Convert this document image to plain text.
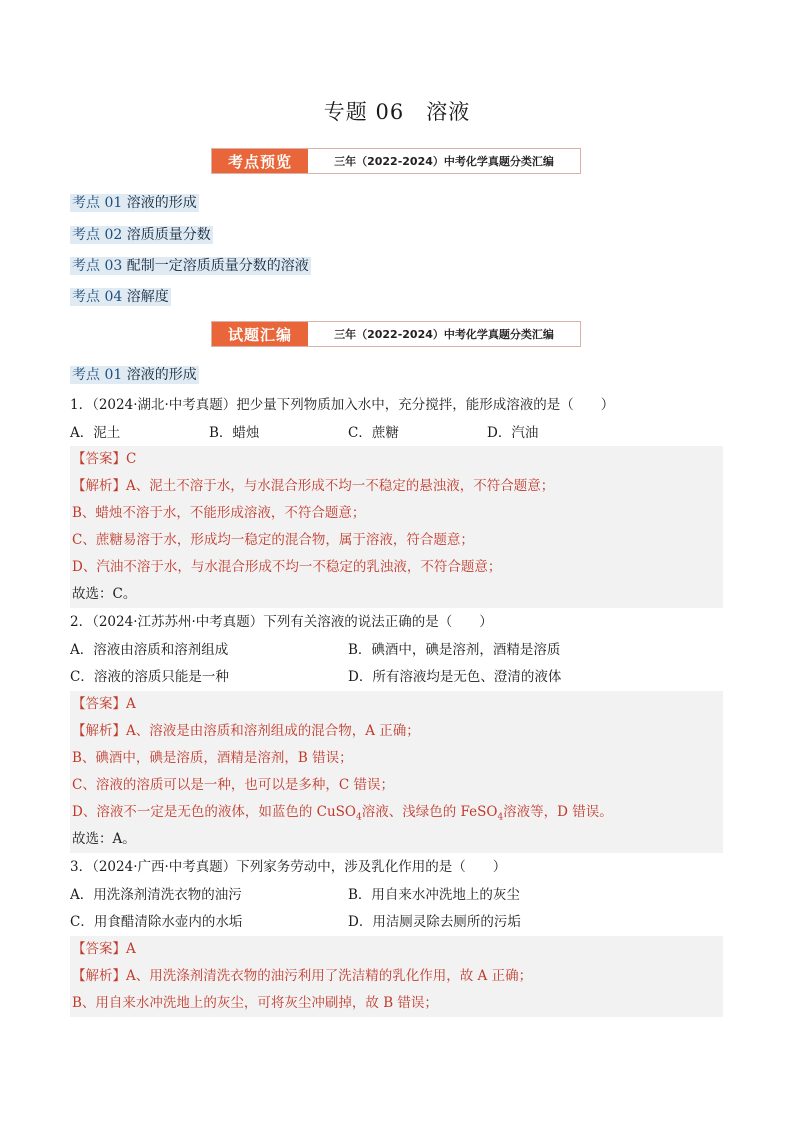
专题 06　溶液
考点预览	三年（2022-2024）中考化学真题分类汇编
考点 01 溶液的形成
考点 02 溶质质量分数
考点 03 配制一定溶质质量分数的溶液
考点 04 溶解度
试题汇编	三年（2022-2024）中考化学真题分类汇编
考点 01 溶液的形成
1．（2024·湖北·中考真题）把少量下列物质加入水中，充分搅拌，能形成溶液的是（　　）
A．泥土	B．蜡烛	C．蔗糖	D．汽油
【答案】C
【解析】A、泥土不溶于水，与水混合形成不均一不稳定的悬浊液，不符合题意；
B、蜡烛不溶于水，不能形成溶液，不符合题意；
C、蔗糖易溶于水，形成均一稳定的混合物，属于溶液，符合题意；
D、汽油不溶于水，与水混合形成不均一不稳定的乳浊液，不符合题意；
故选：C。
2．（2024·江苏苏州·中考真题）下列有关溶液的说法正确的是（　　）
A．溶液由溶质和溶剂组成	B．碘酒中，碘是溶剂，酒精是溶质
C．溶液的溶质只能是一种	D．所有溶液均是无色、澄清的液体
【答案】A
【解析】A、溶液是由溶质和溶剂组成的混合物，A 正确；
B、碘酒中，碘是溶质，酒精是溶剂，B 错误；
C、溶液的溶质可以是一种，也可以是多种，C 错误；
D、溶液不一定是无色的液体，如蓝色的 CuSO$_4$溶液、浅绿色的 FeSO$_4$溶液等，D 错误。
故选：A。
3．（2024·广西·中考真题）下列家务劳动中，涉及乳化作用的是（　　）
A．用洗涤剂清洗衣物的油污	B．用自来水冲洗地上的灰尘
C．用食醋清除水壶内的水垢	D．用洁厕灵除去厕所的污垢
【答案】A
【解析】A、用洗涤剂清洗衣物的油污利用了洗洁精的乳化作用，故 A 正确；
B、用自来水冲洗地上的灰尘，可将灰尘冲刷掉，故 B 错误；
